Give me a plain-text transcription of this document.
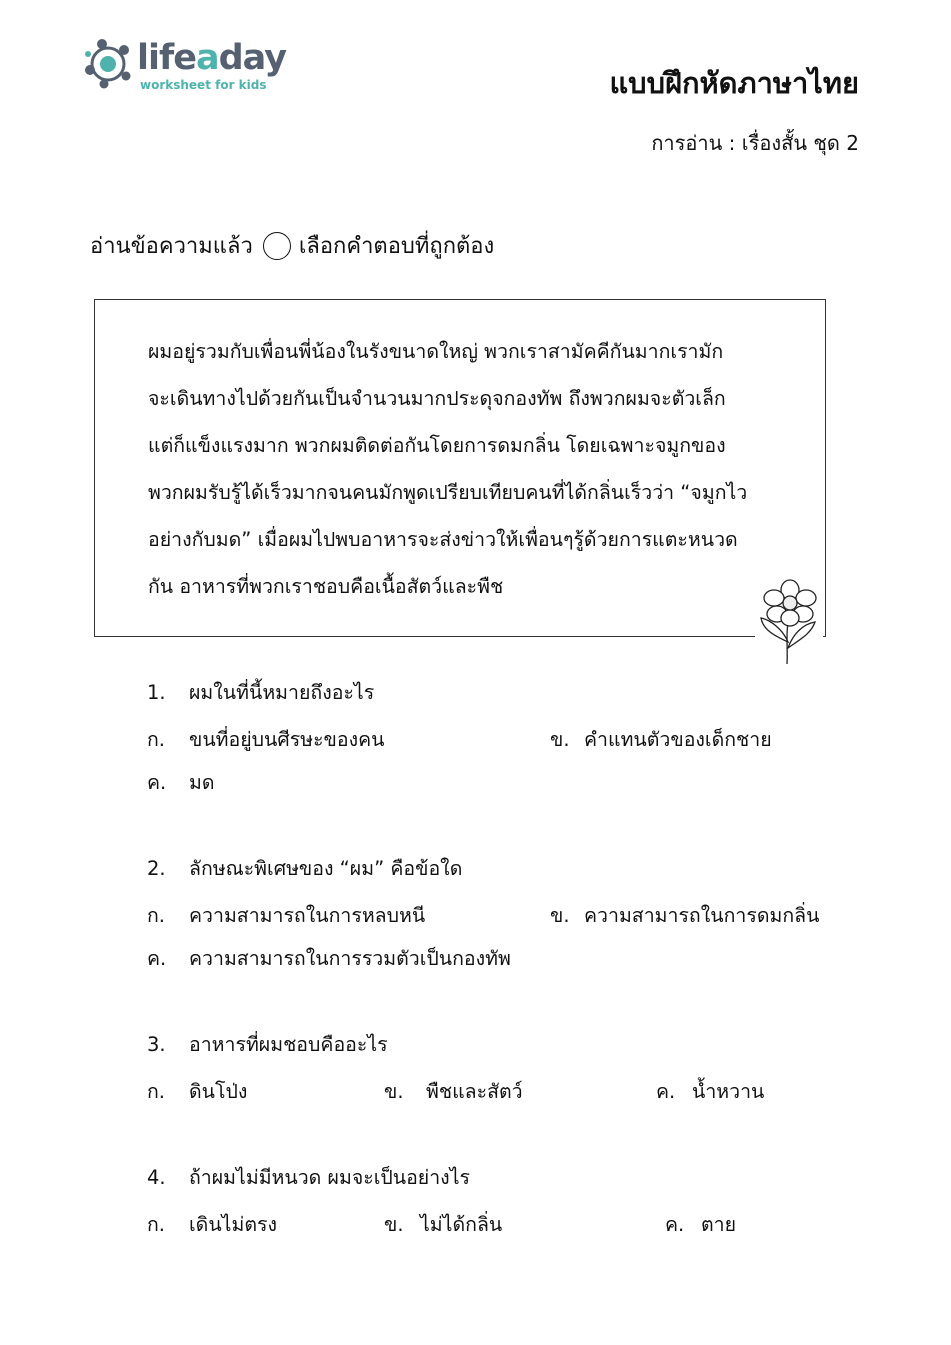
lifeaday
worksheet for kids	แบบฝึกหัดภาษาไทย
การอ่าน : เรื่องสั้น ชุด 2
อ่านข้อความแล้ว เลือกคำตอบที่ถูกต้อง
ผมอยู่รวมกับเพื่อนพี่น้องในรังขนาดใหญ่ พวกเราสามัคคีกันมากเรามัก
จะเดินทางไปด้วยกันเป็นจำนวนมากประดุจกองทัพ ถึงพวกผมจะตัวเล็ก
แต่ก็แข็งแรงมาก พวกผมติดต่อกันโดยการดมกลิ่น โดยเฉพาะจมูกของ
พวกผมรับรู้ได้เร็วมากจนคนมักพูดเปรียบเทียบคนที่ได้กลิ่นเร็วว่า “จมูกไว
อย่างกับมด” เมื่อผมไปพบอาหารจะส่งข่าวให้เพื่อนๆรู้ด้วยการแตะหนวด
กัน อาหารที่พวกเราชอบคือเนื้อสัตว์และพืช
1. ผมในที่นี้หมายถึงอะไร
ก. ขนที่อยู่บนศีรษะของคน	ข. คำแทนตัวของเด็กชาย
ค. มด
2. ลักษณะพิเศษของ “ผม” คือข้อใด
ก. ความสามารถในการหลบหนี	ข. ความสามารถในการดมกลิ่น
ค. ความสามารถในการรวมตัวเป็นกองทัพ
3. อาหารที่ผมชอบคืออะไร
ก. ดินโป่ง	ข. พืชและสัตว์	ค. น้ำหวาน
4. ถ้าผมไม่มีหนวด ผมจะเป็นอย่างไร
ก. เดินไม่ตรง	ข. ไม่ได้กลิ่น	ค. ตาย
